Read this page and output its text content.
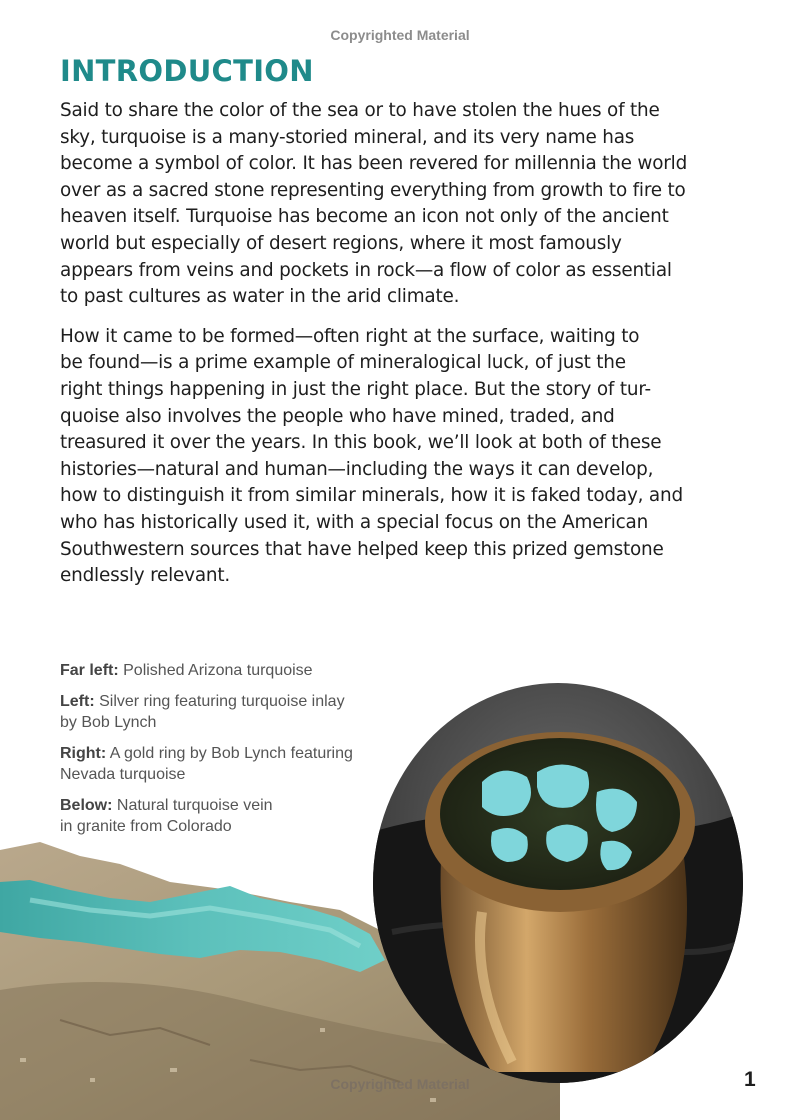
Copyrighted Material
INTRODUCTION

Said to share the color of the sea or to have stolen the hues of the
sky, turquoise is a many-storied mineral, and its very name has
become a symbol of color. It has been revered for millennia the world
over as a sacred stone representing everything from growth to fire to
heaven itself. Turquoise has become an icon not only of the ancient
world but especially of desert regions, where it most famously
appears from veins and pockets in rock—a flow of color as essential
to past cultures as water in the arid climate.

How it came to be formed—often right at the surface, waiting to
be found—is a prime example of mineralogical luck, of just the
right things happening in just the right place. But the story of tur-
quoise also involves the people who have mined, traded, and
treasured it over the years. In this book, we’ll look at both of these
histories—natural and human—including the ways it can develop,
how to distinguish it from similar minerals, how it is faked today, and
who has historically used it, with a special focus on the American
Southwestern sources that have helped keep this prized gemstone
endlessly relevant.

Far left: Polished Arizona turquoise

Left: Silver ring featuring turquoise inlay
by Bob Lynch

Right: A gold ring by Bob Lynch featuring
Nevada turquoise

Below: Natural turquoise vein
in granite from Colorado

Copyrighted Material	1
